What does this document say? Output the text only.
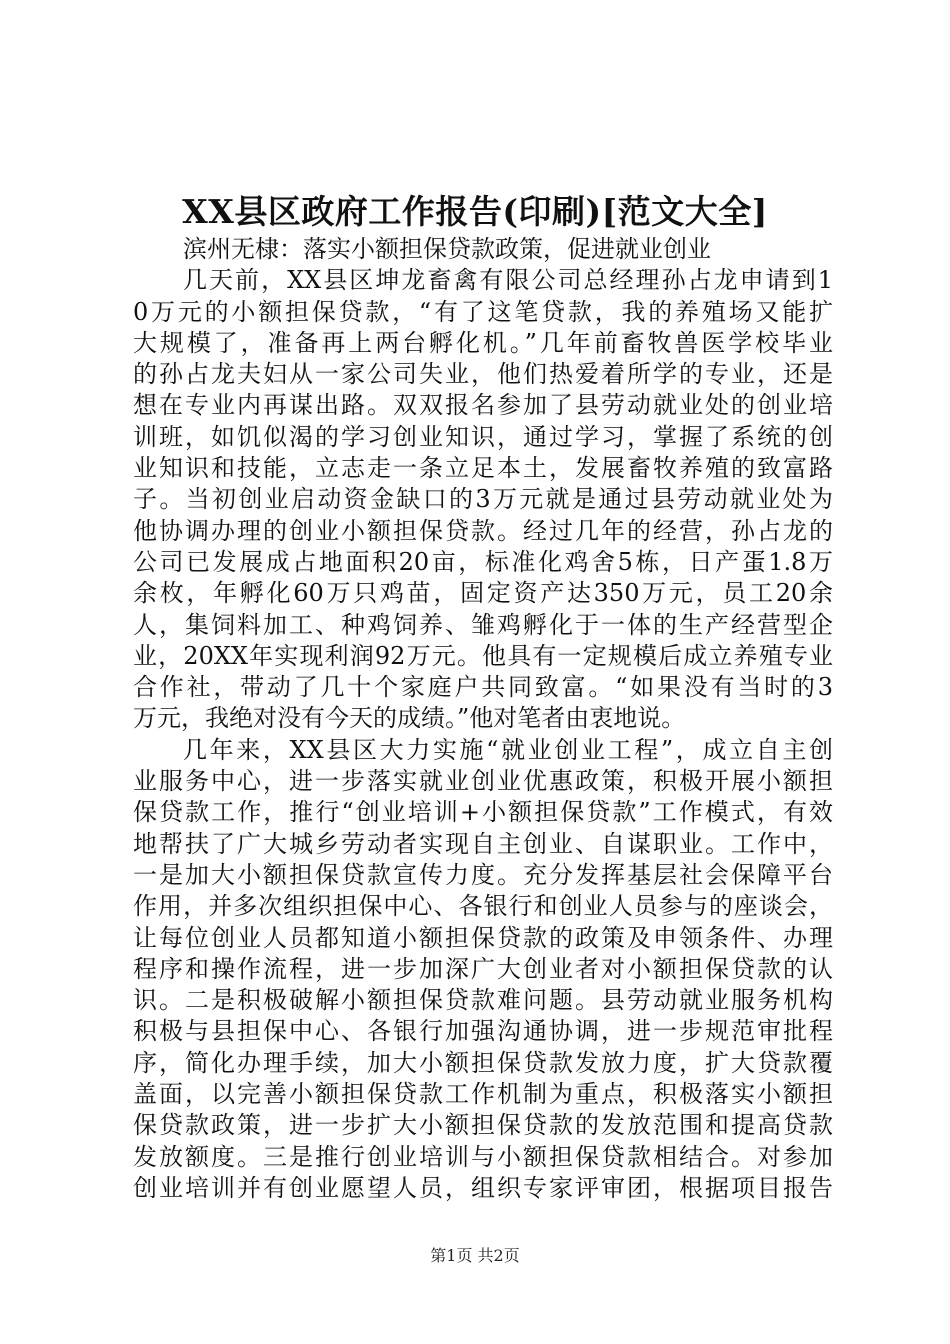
XX县区政府工作报告(印刷)[范文大全]
滨州无棣：落实小额担保贷款政策，促进就业创业
几天前，XX县区坤龙畜禽有限公司总经理孙占龙申请到1
0万元的小额担保贷款，“有了这笔贷款，我的养殖场又能扩
大规模了，准备再上两台孵化机。”几年前畜牧兽医学校毕业
的孙占龙夫妇从一家公司失业，他们热爱着所学的专业，还是
想在专业内再谋出路。双双报名参加了县劳动就业处的创业培
训班，如饥似渴的学习创业知识，通过学习，掌握了系统的创
业知识和技能，立志走一条立足本土，发展畜牧养殖的致富路
子。当初创业启动资金缺口的3万元就是通过县劳动就业处为
他协调办理的创业小额担保贷款。经过几年的经营，孙占龙的
公司已发展成占地面积20亩，标准化鸡舍5栋，日产蛋1.8万
余枚，年孵化60万只鸡苗，固定资产达350万元，员工20余
人，集饲料加工、种鸡饲养、雏鸡孵化于一体的生产经营型企
业，20XX年实现利润92万元。他具有一定规模后成立养殖专业
合作社，带动了几十个家庭户共同致富。“如果没有当时的3
万元，我绝对没有今天的成绩。”他对笔者由衷地说。
几年来，XX县区大力实施“就业创业工程”，成立自主创
业服务中心，进一步落实就业创业优惠政策，积极开展小额担
保贷款工作，推行“创业培训+小额担保贷款”工作模式，有效
地帮扶了广大城乡劳动者实现自主创业、自谋职业。工作中，
一是加大小额担保贷款宣传力度。充分发挥基层社会保障平台
作用，并多次组织担保中心、各银行和创业人员参与的座谈会，
让每位创业人员都知道小额担保贷款的政策及申领条件、办理
程序和操作流程，进一步加深广大创业者对小额担保贷款的认
识。二是积极破解小额担保贷款难问题。县劳动就业服务机构
积极与县担保中心、各银行加强沟通协调，进一步规范审批程
序，简化办理手续，加大小额担保贷款发放力度，扩大贷款覆
盖面，以完善小额担保贷款工作机制为重点，积极落实小额担
保贷款政策，进一步扩大小额担保贷款的发放范围和提高贷款
发放额度。三是推行创业培训与小额担保贷款相结合。对参加
创业培训并有创业愿望人员，组织专家评审团，根据项目报告
第1页 共2页
